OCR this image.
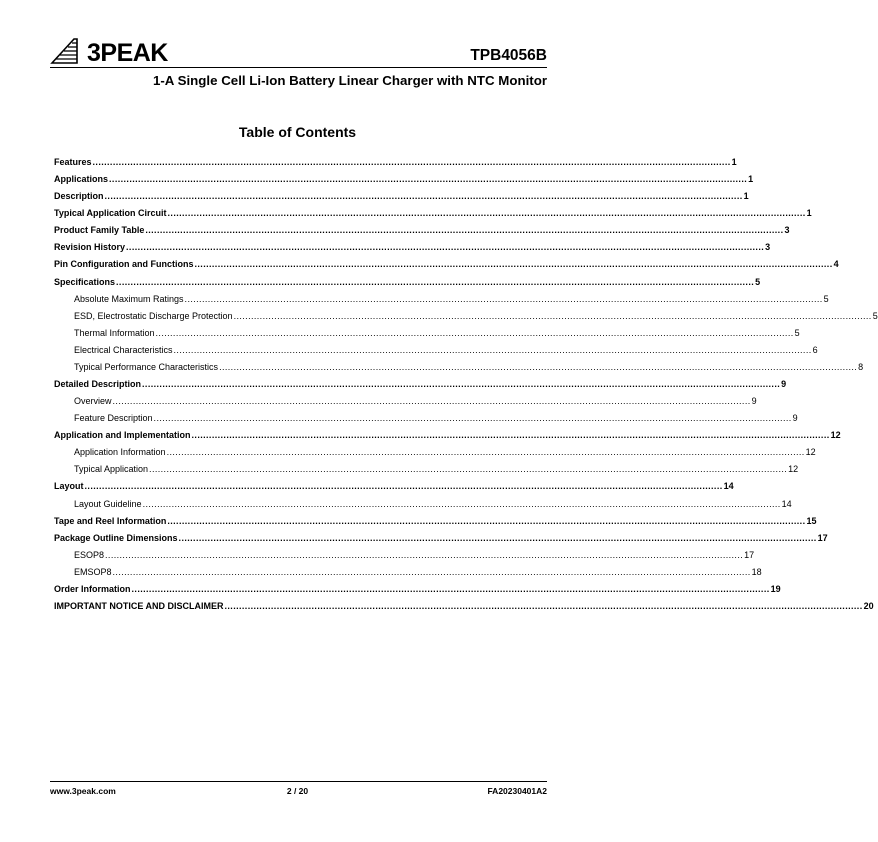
3PEAK	TPB4056B
1-A Single Cell Li-Ion Battery Linear Charger with NTC Monitor
Table of Contents
Features ............................................................................................................................................................................................................................ 1
Applications ............................................................................................................................................................................................................................ 1
Description ............................................................................................................................................................................................................................ 1
Typical Application Circuit ............................................................................................................................................................................................................................ 1
Product Family Table ............................................................................................................................................................................................................................ 3
Revision History ............................................................................................................................................................................................................................ 3
Pin Configuration and Functions ............................................................................................................................................................................................................................ 4
Specifications ............................................................................................................................................................................................................................ 5
Absolute Maximum Ratings ............................................................................................................................................................................................................................ 5
ESD, Electrostatic Discharge Protection ............................................................................................................................................................................................................................ 5
Thermal Information ............................................................................................................................................................................................................................ 5
Electrical Characteristics ............................................................................................................................................................................................................................ 6
Typical Performance Characteristics ............................................................................................................................................................................................................................ 8
Detailed Description ............................................................................................................................................................................................................................ 9
Overview ............................................................................................................................................................................................................................ 9
Feature Description ............................................................................................................................................................................................................................ 9
Application and Implementation ............................................................................................................................................................................................................................ 12
Application Information ............................................................................................................................................................................................................................ 12
Typical Application ............................................................................................................................................................................................................................ 12
Layout ............................................................................................................................................................................................................................ 14
Layout Guideline ............................................................................................................................................................................................................................ 14
Tape and Reel Information ............................................................................................................................................................................................................................ 15
Package Outline Dimensions ............................................................................................................................................................................................................................ 17
ESOP8 ............................................................................................................................................................................................................................ 17
EMSOP8 ............................................................................................................................................................................................................................ 18
Order Information ............................................................................................................................................................................................................................ 19
IMPORTANT NOTICE AND DISCLAIMER ............................................................................................................................................................................................................................ 20
www.3peak.com	2 / 20	FA20230401A2
